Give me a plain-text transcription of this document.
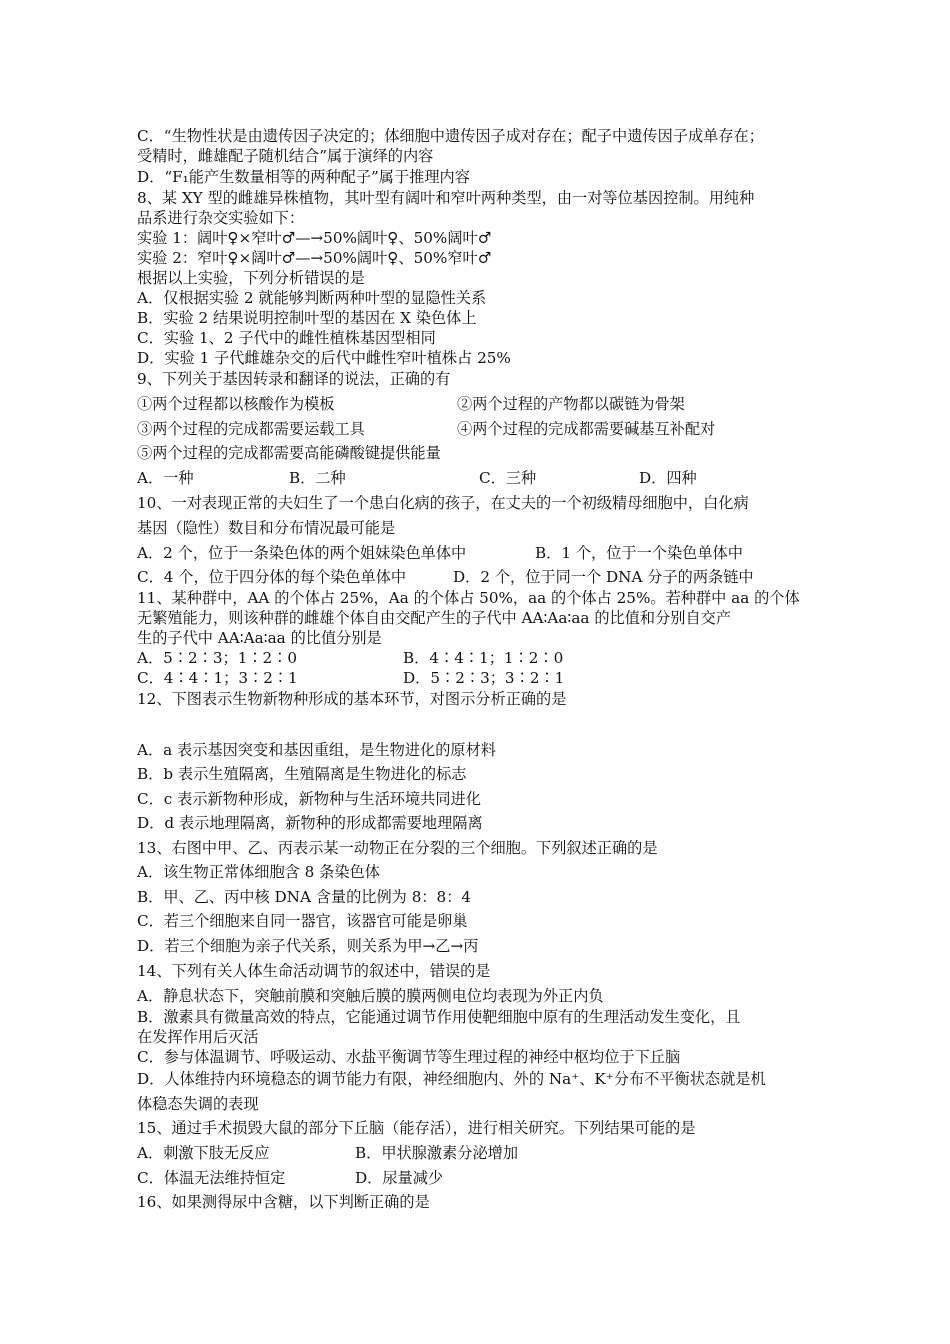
C．“生物性状是由遗传因子决定的；体细胞中遗传因子成对存在；配子中遗传因子成单存在；
受精时，雌雄配子随机结合”属于演绎的内容
D．“F₁能产生数量相等的两种配子”属于推理内容
8、某 XY 型的雌雄异株植物，其叶型有阔叶和窄叶两种类型，由一对等位基因控制。用纯种
品系进行杂交实验如下：
实验 1：阔叶♀×窄叶♂—→50%阔叶♀、50%阔叶♂
实验 2：窄叶♀×阔叶♂—→50%阔叶♀、50%窄叶♂
根据以上实验，下列分析错误的是
A．仅根据实验 2 就能够判断两种叶型的显隐性关系
B．实验 2 结果说明控制叶型的基因在 X 染色体上
C．实验 1、2 子代中的雌性植株基因型相同
D．实验 1 子代雌雄杂交的后代中雌性窄叶植株占 25%
9、下列关于基因转录和翻译的说法，正确的有
①两个过程都以核酸作为模板	②两个过程的产物都以碳链为骨架
③两个过程的完成都需要运载工具	④两个过程的完成都需要碱基互补配对
⑤两个过程的完成都需要高能磷酸键提供能量
A．一种	B．二种	C．三种	D．四种
10、一对表现正常的夫妇生了一个患白化病的孩子，在丈夫的一个初级精母细胞中，白化病
基因（隐性）数目和分布情况最可能是
A．2 个，位于一条染色体的两个姐妹染色单体中	B．1 个，位于一个染色单体中
C．4 个，位于四分体的每个染色单体中	D．2 个，位于同一个 DNA 分子的两条链中
11、某种群中，AA 的个体占 25%，Aa 的个体占 50%，aa 的个体占 25%。若种群中 aa 的个体
无繁殖能力，则该种群的雌雄个体自由交配产生的子代中 AA∶Aa∶aa 的比值和分别自交产
生的子代中 AA∶Aa∶aa 的比值分别是
A．5∶2∶3；1∶2∶0	B．4∶4∶1；1∶2∶0
C．4∶4∶1；3∶2∶1	D．5∶2∶3；3∶2∶1
12、下图表示生物新物种形成的基本环节，对图示分析正确的是
A．a 表示基因突变和基因重组，是生物进化的原材料
B．b 表示生殖隔离，生殖隔离是生物进化的标志
C．c 表示新物种形成，新物种与生活环境共同进化
D．d 表示地理隔离，新物种的形成都需要地理隔离
13、右图中甲、乙、丙表示某一动物正在分裂的三个细胞。下列叙述正确的是
A．该生物正常体细胞含 8 条染色体
B．甲、乙、丙中核 DNA 含量的比例为 8：8：4
C．若三个细胞来自同一器官，该器官可能是卵巢
D．若三个细胞为亲子代关系，则关系为甲→乙→丙
14、下列有关人体生命活动调节的叙述中，错误的是
A．静息状态下，突触前膜和突触后膜的膜两侧电位均表现为外正内负
B．激素具有微量高效的特点，它能通过调节作用使靶细胞中原有的生理活动发生变化，且
在发挥作用后灭活
C．参与体温调节、呼吸运动、水盐平衡调节等生理过程的神经中枢均位于下丘脑
D．人体维持内环境稳态的调节能力有限，神经细胞内、外的 Na⁺、K⁺分布不平衡状态就是机
体稳态失调的表现
15、通过手术损毁大鼠的部分下丘脑（能存活），进行相关研究。下列结果可能的是
A．刺激下肢无反应	B．甲状腺激素分泌增加
C．体温无法维持恒定	D．尿量减少
16、如果测得尿中含糖，以下判断正确的是
